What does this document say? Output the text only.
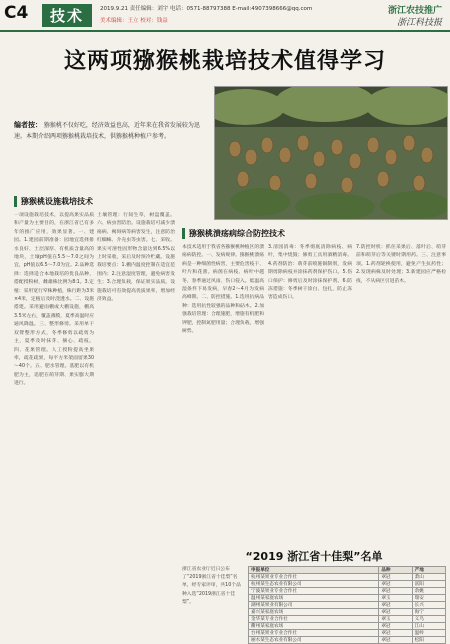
C4	技术	2019.9.21 责任编辑：刘宇 电话：0571-88797388 E-mail:4907398666@qq.com
美术编辑：王立 校对：钱益
浙江农技推广
浙江科技报
这两项猕猴桃栽培技术值得学习
编者按： 猕猴桃不仅好吃，经济效益也高，近年来在我省发展较为迅速。本期介绍两项猕猴桃栽培技术，供猕猴桃种植户参考。
猕猴桃设施栽培技术
猕猴桃溃疡病综合防控技术
一项设施栽培技术，以提高果实品质和产量为主要目的，在浙江省已有多年的推广应用，效果显著。一、建园。1.建园前期准备：园地宜选择排水良好、土层深厚、有机质含量高的地块，土壤pH值在5.5～7.0之间为宜，pH值以6.5～7.0为宜。2.品种选择：选择适合本地栽培的优良品种，搭配授粉树，雌雄株比例为8∶1。3.定植：采用宽行窄株种植，株行距为3米×4米，定植后及时浇透水。二、设施搭建。采用避雨棚或大棚设施，棚高3.5米左右，覆盖薄膜，夏季高温时应通风降温。三、整形修剪。采用单干双臂整形方式，冬季修剪以疏剪为主，夏季及时抹芽、摘心、疏枝。四、花果管理。人工授粉提高坐果率，疏花疏果，每平方米架面留果30～40个。五、肥水管理。基肥以有机肥为主，追肥在萌芽期、果实膨大期进行。
土壤管理：行间生草，树盘覆盖。六、病虫害防治。设施栽培可减少溃疡病、褐斑病等病害发生，注意防治红蜘蛛、介壳虫等虫害。七、采收。果实可溶性固形物含量达到6.5%以上时采收，采后及时预冷贮藏。设施栽培要点：1.棚内温度控制在适宜范围内；2.注意湿度管理，避免病害发生；3.合理负载，保证果实品质。设施栽培可有效提高优质果率，增加经济效益。
本技术适用于我省各猕猴桃种植区的溃疡病防控。一、发病规律。猕猴桃溃疡病是一种细菌性病害，主要危害枝干、叶片和花蕾。病菌在病枝、病叶中越冬，春季通过风雨、伤口侵入。低温高湿条件下易发病，早春2～4月为发病高峰期。二、防控措施。1.选用抗病品种：选用抗性较强的品种和砧木。2.加强栽培管理：合理施肥，增施有机肥和钾肥，控制氮肥用量；合理负载，增强树势。
3.清园消毒：冬季彻底清除病枝、病叶，集中烧毁；修剪工具用酒精消毒。4.药剂防治：萌芽前喷施铜制剂，发病期剪除病枝并涂抹药剂保护伤口。5.伤口保护：修剪后及时涂抹保护剂。6.防冻措施：冬季树干涂白、包扎，防止冻害造成伤口。
7.防控时机：抓住采果后、落叶后、萌芽前和萌芽后等关键时期用药。三、注意事项。1.药剂轮换使用，避免产生抗药性；2.发现病株及时处理；3.新建园应严格检疫，不从病区引进苗木。
“2019 浙江省十佳梨”名单
浙江省农业厅近日公布了“2019浙江省十佳梨”名单，经专家评审，共10个品种入选“2019浙江省十佳梨”。
申报单位	品种	产地
杭州某果业专业合作社	翠冠	萧山
杭州某生态农业有限公司	翠冠	富阳
宁波某果业专业合作社	翠冠	余姚
温州某家庭农场	翠玉	瑞安
湖州某果业有限公司	翠冠	长兴
嘉兴某家庭农场	翠冠	海宁
金华某专业合作社	翠玉	义乌
衢州某家庭农场	翠冠	江山
台州某果业专业合作社	翠冠	温岭
丽水某生态农业有限公司	翠冠	松阳
